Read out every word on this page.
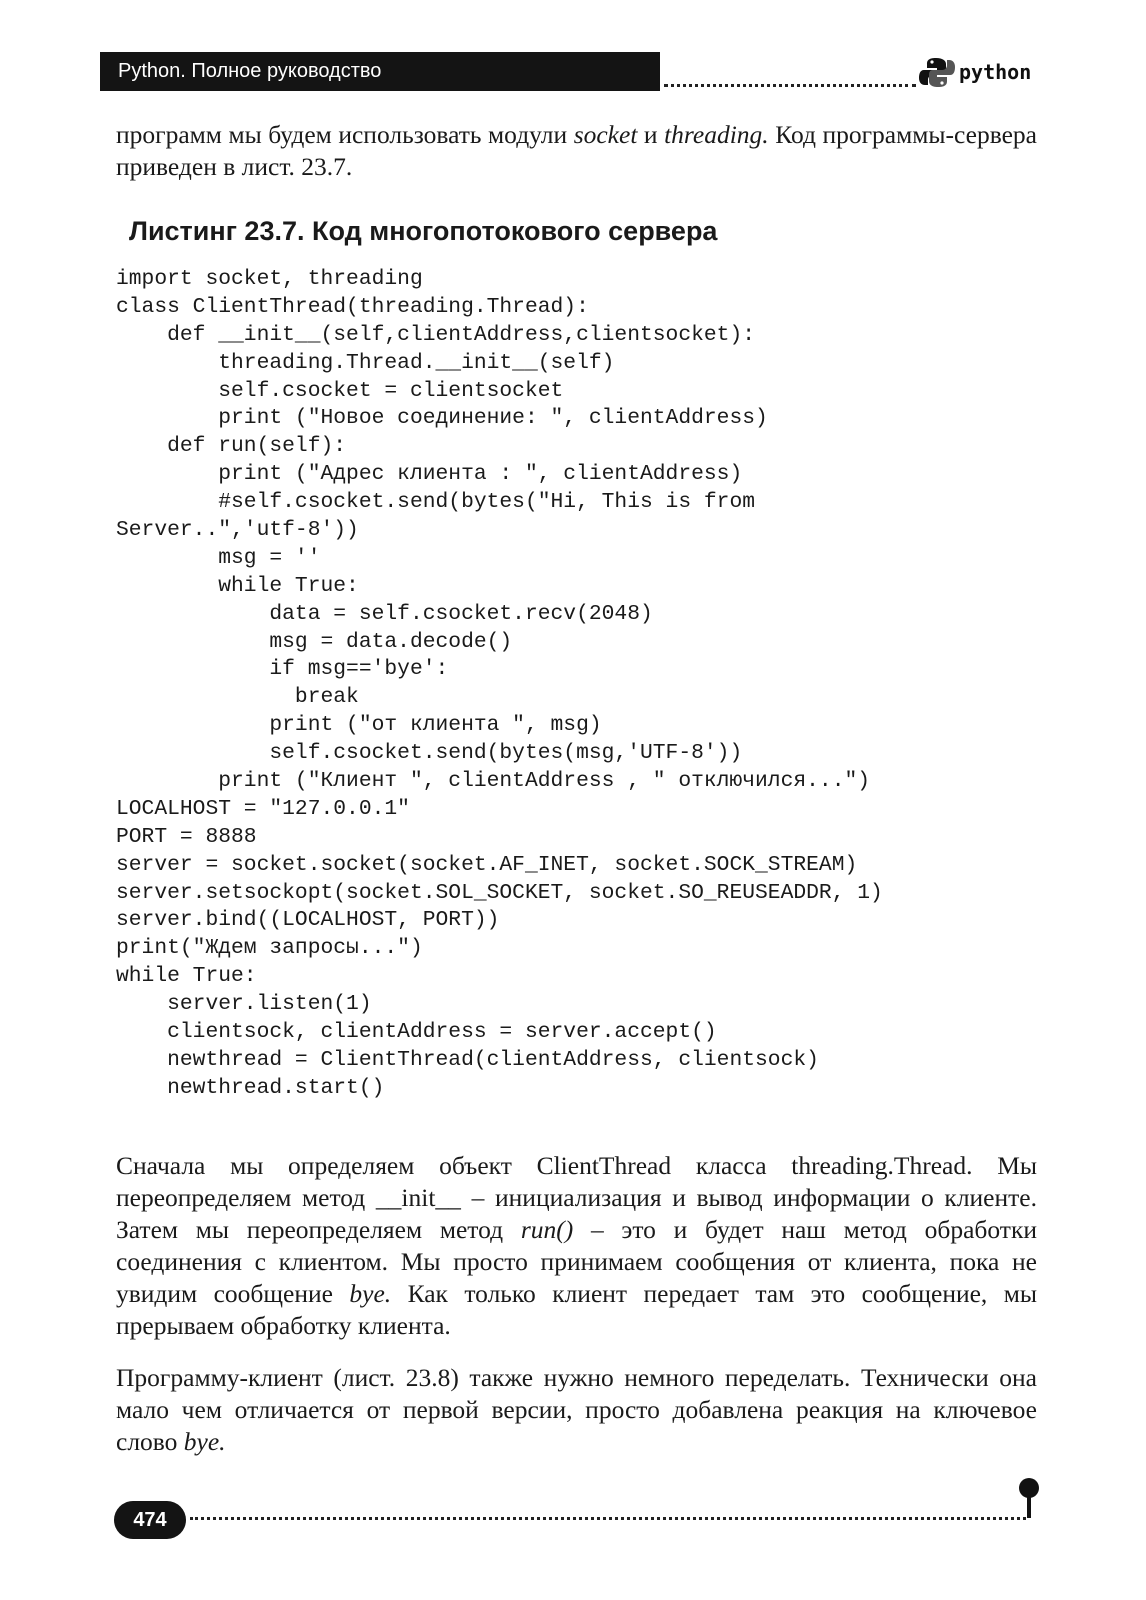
Python. Полное руководство	python

программ мы будем использовать модули socket и threading. Код программы-сервера приведен в лист. 23.7.

Листинг 23.7. Код многопотокового сервера
import socket, threading
class ClientThread(threading.Thread):
def __init__(self,clientAddress,clientsocket):
threading.Thread.__init__(self)
self.csocket = clientsocket
print ("Новое соединение: ", clientAddress)
def run(self):
print ("Адрес клиента : ", clientAddress)
#self.csocket.send(bytes("Hi, This is from
Server..",'utf-8'))
msg = ''
while True:
data = self.csocket.recv(2048)
msg = data.decode()
if msg=='bye':
break
print ("от клиента ", msg)
self.csocket.send(bytes(msg,'UTF-8'))
print ("Клиент ", clientAddress , " отключился...")
LOCALHOST = "127.0.0.1"
PORT = 8888
server = socket.socket(socket.AF_INET, socket.SOCK_STREAM)
server.setsockopt(socket.SOL_SOCKET, socket.SO_REUSEADDR, 1)
server.bind((LOCALHOST, PORT))
print("Ждем запросы...")
while True:
server.listen(1)
clientsock, clientAddress = server.accept()
newthread = ClientThread(clientAddress, clientsock)
newthread.start()

Сначала мы определяем объект ClientThread класса threading.Thread. Мы переопределяем метод __init__ – инициализация и вывод информации о клиенте. Затем мы переопределяем метод run() – это и будет наш метод обработки соединения с клиентом. Мы просто принимаем сообщения от клиента, пока не увидим сообщение bye. Как только клиент передает там это сообщение, мы прерываем обработку клиента.

Программу-клиент (лист. 23.8) также нужно немного переделать. Технически она мало чем отличается от первой версии, просто добавлена реакция на ключевое слово bye.

474
